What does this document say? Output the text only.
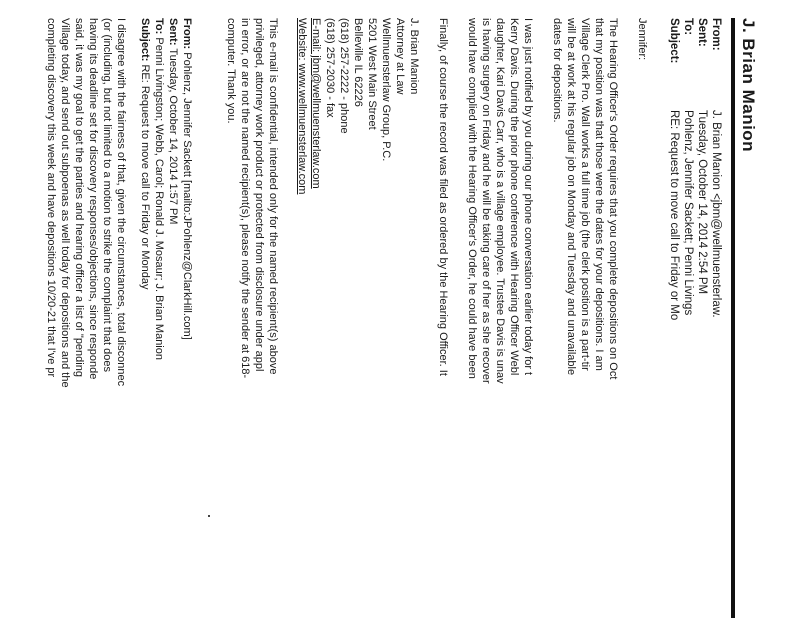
J. Brian Manion
From:
J. Brian Manion <jbm@wellmuensterlaw.
Sent:
Tuesday, October 14, 2014 2:54 PM
To:
Pohlenz, Jennifer Sackett; Penni Livings
Subject:
RE: Request to move call to Friday or Mo
Jennifer:
The Hearing Officer's Order requires that you complete depositions on Oct
that my position was that those were the dates for your depositions. I am
Village Clerk Pro. Wall works a full time job (the clerk position is a part-tir
will be at work at his regular job on Monday and Tuesday and unavailable
dates for depositions.
I was just notified by you during our phone conversation earlier today for t
Kerry Davis. During the prior phone conference with Hearing Officer Webl
daughter, Kari Davis Carr, who is a village employee. Trustee Davis is unav
is having surgery on Friday and he will be taking care of her as she recover
would have complied with the Hearing Officer's Order, he could have been
Finally, of course the record was filed as ordered by the Hearing Officer. It
J. Brian Manion
Attorney at Law
Wellmuensterlaw Group, P.C.
5201 West Main Street
Belleville IL 62226
(618) 257-2222 - phone
(618) 257-2030 - fax
E-mail: jbm@wellmuensterlaw.com
Website: www.wellmuensterlaw.com
This e-mail is confidential, intended only for the named recipient(s) above
privileged, attorney work product or protected from disclosure under appl
in error, or are not the named recipient(s), please notify the sender at 618-
computer. Thank you.
From: Pohlenz, Jennifer Sackett [mailto:JPohlenz@ClarkHill.com]
Sent: Tuesday, October 14, 2014 1:57 PM
To: Penni Livingston; Webb, Carol; Ronald J. Mosaur; J. Brian Manion
Subject: RE: Request to move call to Friday or Monday
I disagree with the fairness of that, given the circumstances, total disconnec
(or (including, but not limited to a motion to strike the complaint that does
having its deadline set for discovery responses/objections, since responde
said, it was my goal to get the parties and hearing officer a list of "pending
Village today, and send out subpoenas as well today for depositions and the
completing discovery this week and have depositions 10/20-21 that I've pr
